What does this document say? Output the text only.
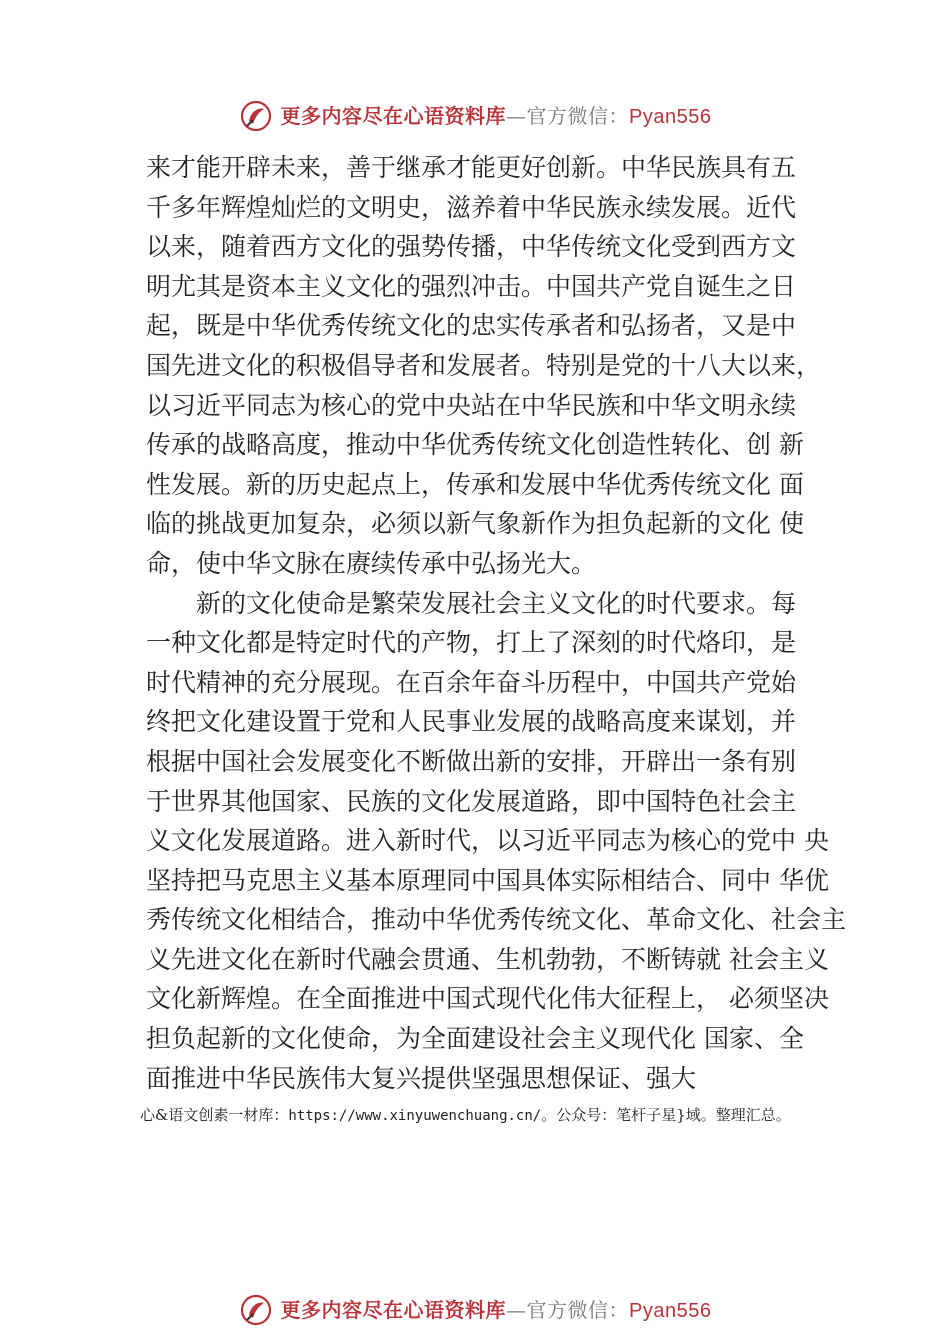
更多内容尽在心语资料库—官方微信：Pyan556
来才能开辟未来，善于继承才能更好创新。中华民族具有五
千多年辉煌灿烂的文明史，滋养着中华民族永续发展。近代
以来，随着西方文化的强势传播，中华传统文化受到西方文
明尤其是资本主义文化的强烈冲击。中国共产党自诞生之日
起，既是中华优秀传统文化的忠实传承者和弘扬者，又是中
国先进文化的积极倡导者和发展者。特别是党的十八大以来，
以习近平同志为核心的党中央站在中华民族和中华文明永续
传承的战略高度，推动中华优秀传统文化创造性转化、创 新
性发展。新的历史起点上，传承和发展中华优秀传统文化 面
临的挑战更加复杂，必须以新气象新作为担负起新的文化 使
命，使中华文脉在赓续传承中弘扬光大。
新的文化使命是繁荣发展社会主义文化的时代要求。每
一种文化都是特定时代的产物，打上了深刻的时代烙印，是
时代精神的充分展现。在百余年奋斗历程中，中国共产党始
终把文化建设置于党和人民事业发展的战略高度来谋划，并
根据中国社会发展变化不断做出新的安排，开辟出一条有别
于世界其他国家、民族的文化发展道路，即中国特色社会主
义文化发展道路。进入新时代，以习近平同志为核心的党中 央
坚持把马克思主义基本原理同中国具体实际相结合、同中 华优
秀传统文化相结合，推动中华优秀传统文化、革命文化、社会主
义先进文化在新时代融会贯通、生机勃勃，不断铸就 社会主义
文化新辉煌。在全面推进中国式现代化伟大征程上， 必须坚决
担负起新的文化使命，为全面建设社会主义现代化 国家、全
面推进中华民族伟大复兴提供坚强思想保证、强大
心&语文创素一材库：https://www.xinyuwenchuang.cn/。公众号：笔杆子星}域。整理汇总。
更多内容尽在心语资料库—官方微信：Pyan556
